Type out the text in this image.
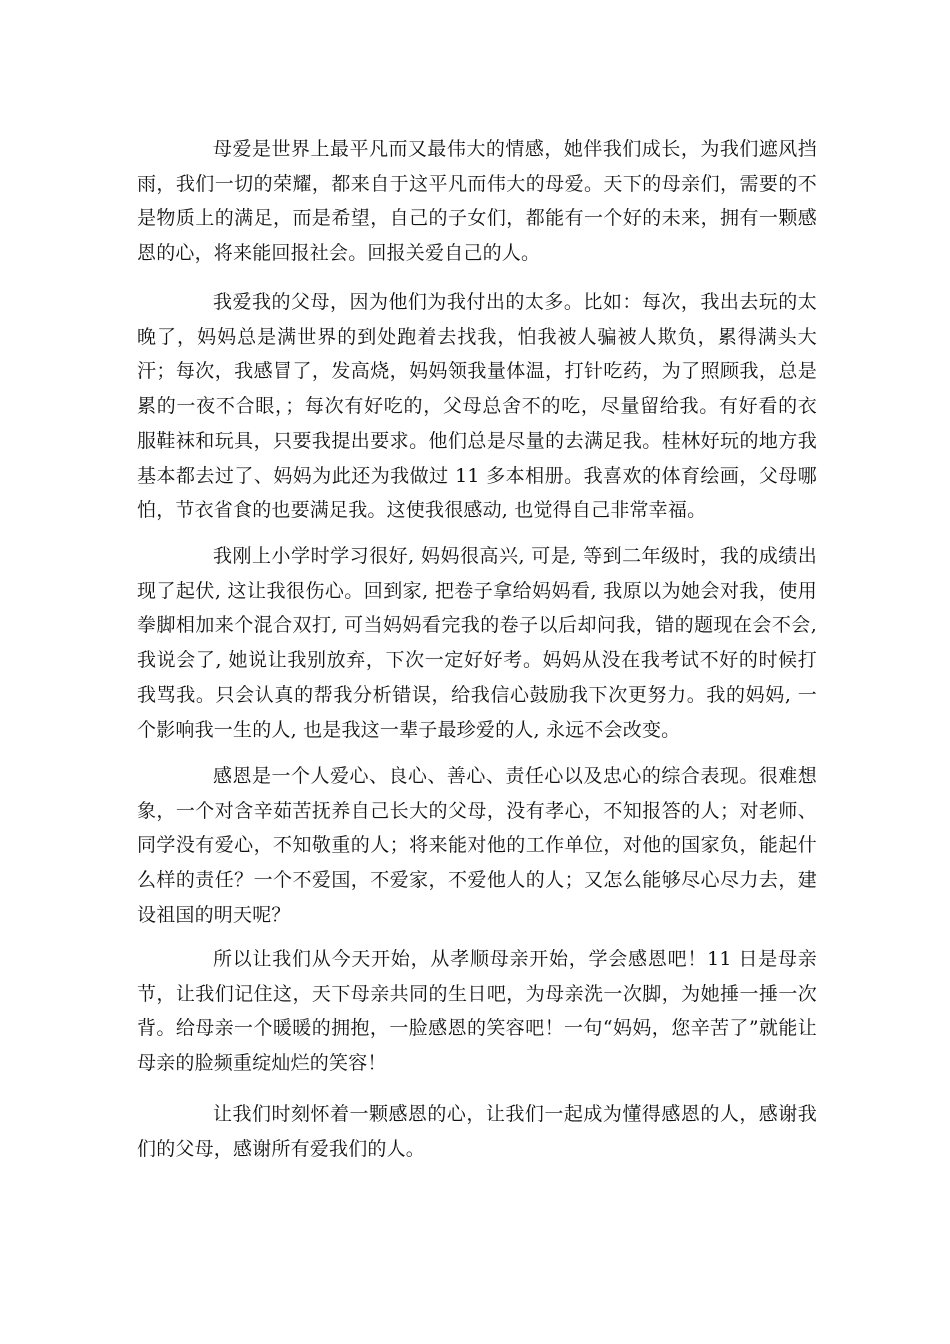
母爱是世界上最平凡而又最伟大的情感，她伴我们成长，为我们遮风挡雨，我们一切的荣耀，都来自于这平凡而伟大的母爱。天下的母亲们，需要的不是物质上的满足，而是希望，自己的子女们，都能有一个好的未来，拥有一颗感恩的心，将来能回报社会。回报关爱自己的人。

我爱我的父母，因为他们为我付出的太多。比如：每次，我出去玩的太晚了，妈妈总是满世界的到处跑着去找我，怕我被人骗被人欺负，累得满头大汗；每次，我感冒了，发高烧，妈妈领我量体温，打针吃药，为了照顾我，总是累的一夜不合眼，；每次有好吃的，父母总舍不的吃，尽量留给我。有好看的衣服鞋袜和玩具，只要我提出要求。他们总是尽量的去满足我。桂林好玩的地方我基本都去过了、妈妈为此还为我做过 11 多本相册。我喜欢的体育绘画，父母哪怕，节衣省食的也要满足我。这使我很感动, 也觉得自己非常幸福。

我刚上小学时学习很好, 妈妈很高兴, 可是, 等到二年级时，我的成绩出现了起伏, 这让我很伤心。回到家, 把卷子拿给妈妈看, 我原以为她会对我，使用拳脚相加来个混合双打, 可当妈妈看完我的卷子以后却问我，错的题现在会不会, 我说会了, 她说让我别放弃，下次一定好好考。妈妈从没在我考试不好的时候打我骂我。只会认真的帮我分析错误，给我信心鼓励我下次更努力。我的妈妈, 一个影响我一生的人, 也是我这一辈子最珍爱的人, 永远不会改变。

感恩是一个人爱心、良心、善心、责任心以及忠心的综合表现。很难想象，一个对含辛茹苦抚养自己长大的父母，没有孝心，不知报答的人；对老师、同学没有爱心，不知敬重的人；将来能对他的工作单位，对他的国家负，能起什么样的责任？一个不爱国，不爱家，不爱他人的人；又怎么能够尽心尽力去，建设祖国的明天呢？

所以让我们从今天开始，从孝顺母亲开始，学会感恩吧！11 日是母亲节，让我们记住这，天下母亲共同的生日吧，为母亲洗一次脚，为她捶一捶一次背。给母亲一个暖暖的拥抱，一脸感恩的笑容吧！一句“妈妈，您辛苦了”就能让母亲的脸频重绽灿烂的笑容！

让我们时刻怀着一颗感恩的心，让我们一起成为懂得感恩的人，感谢我们的父母，感谢所有爱我们的人。
